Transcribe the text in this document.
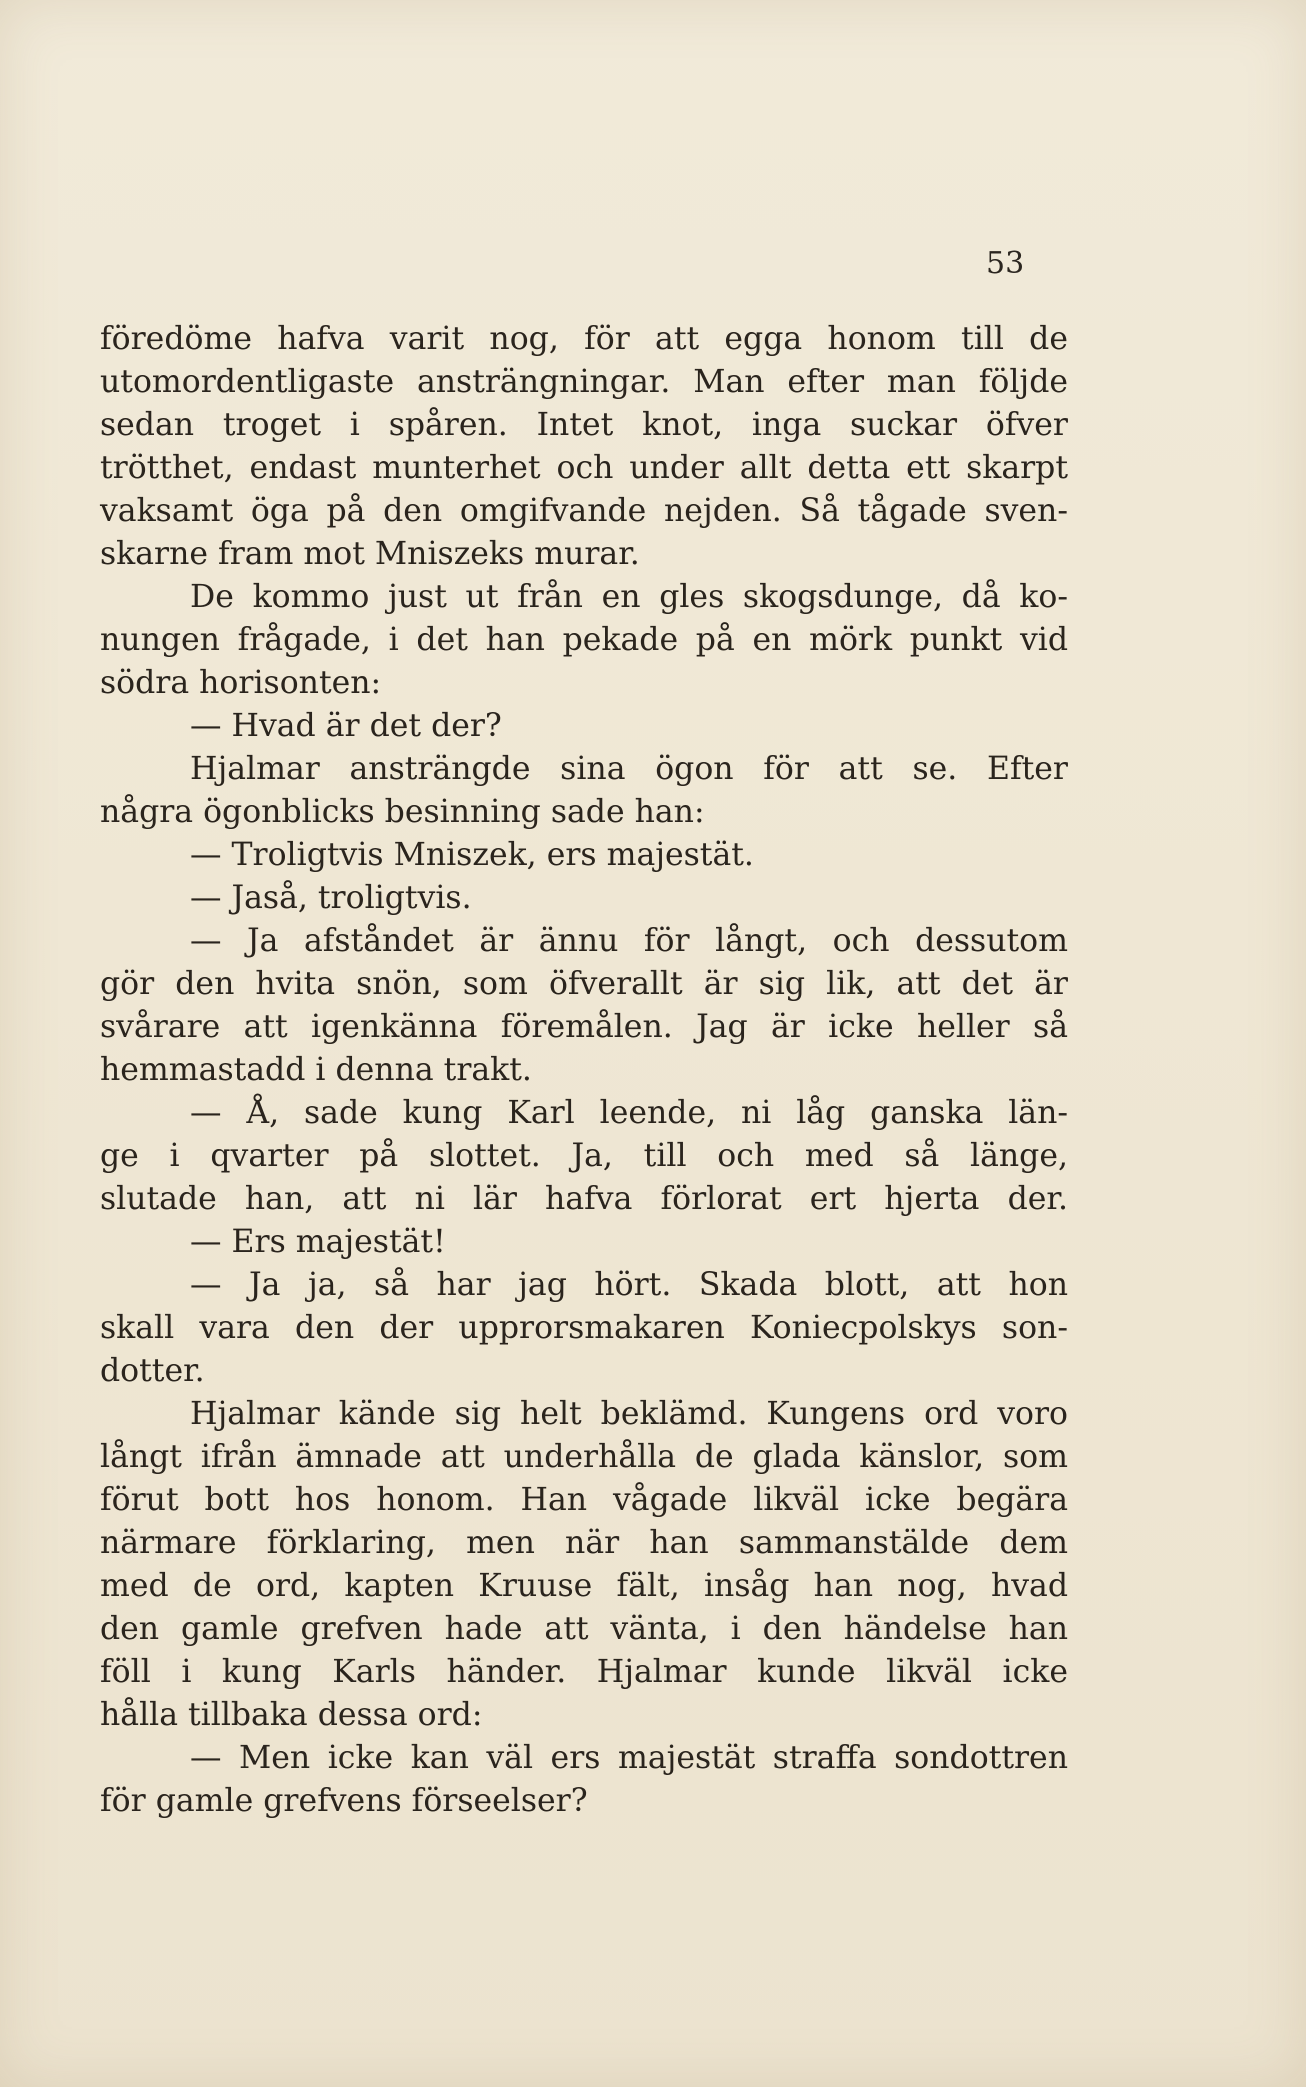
53
föredöme hafva varit nog, för att egga honom till de
utomordentligaste ansträngningar. Man efter man följde
sedan troget i spåren. Intet knot, inga suckar öfver
trötthet, endast munterhet och under allt detta ett skarpt
vaksamt öga på den omgifvande nejden. Så tågade sven-
skarne fram mot Mniszeks murar.
De kommo just ut från en gles skogsdunge, då ko-
nungen frågade, i det han pekade på en mörk punkt vid
södra horisonten:
— Hvad är det der?
Hjalmar ansträngde sina ögon för att se. Efter
några ögonblicks besinning sade han:
— Troligtvis Mniszek, ers majestät.
— Jaså, troligtvis.
— Ja afståndet är ännu för långt, och dessutom
gör den hvita snön, som öfverallt är sig lik, att det är
svårare att igenkänna föremålen. Jag är icke heller så
hemmastadd i denna trakt.
— Å, sade kung Karl leende, ni låg ganska län-
ge i qvarter på slottet. Ja, till och med så länge,
slutade han, att ni lär hafva förlorat ert hjerta der.
— Ers majestät!
— Ja ja, så har jag hört. Skada blott, att hon
skall vara den der upprorsmakaren Koniecpolskys son-
dotter.
Hjalmar kände sig helt beklämd. Kungens ord voro
långt ifrån ämnade att underhålla de glada känslor, som
förut bott hos honom. Han vågade likväl icke begära
närmare förklaring, men när han sammanstälde dem
med de ord, kapten Kruuse fält, insåg han nog, hvad
den gamle grefven hade att vänta, i den händelse han
föll i kung Karls händer. Hjalmar kunde likväl icke
hålla tillbaka dessa ord:
— Men icke kan väl ers majestät straffa sondottren
för gamle grefvens förseelser?
